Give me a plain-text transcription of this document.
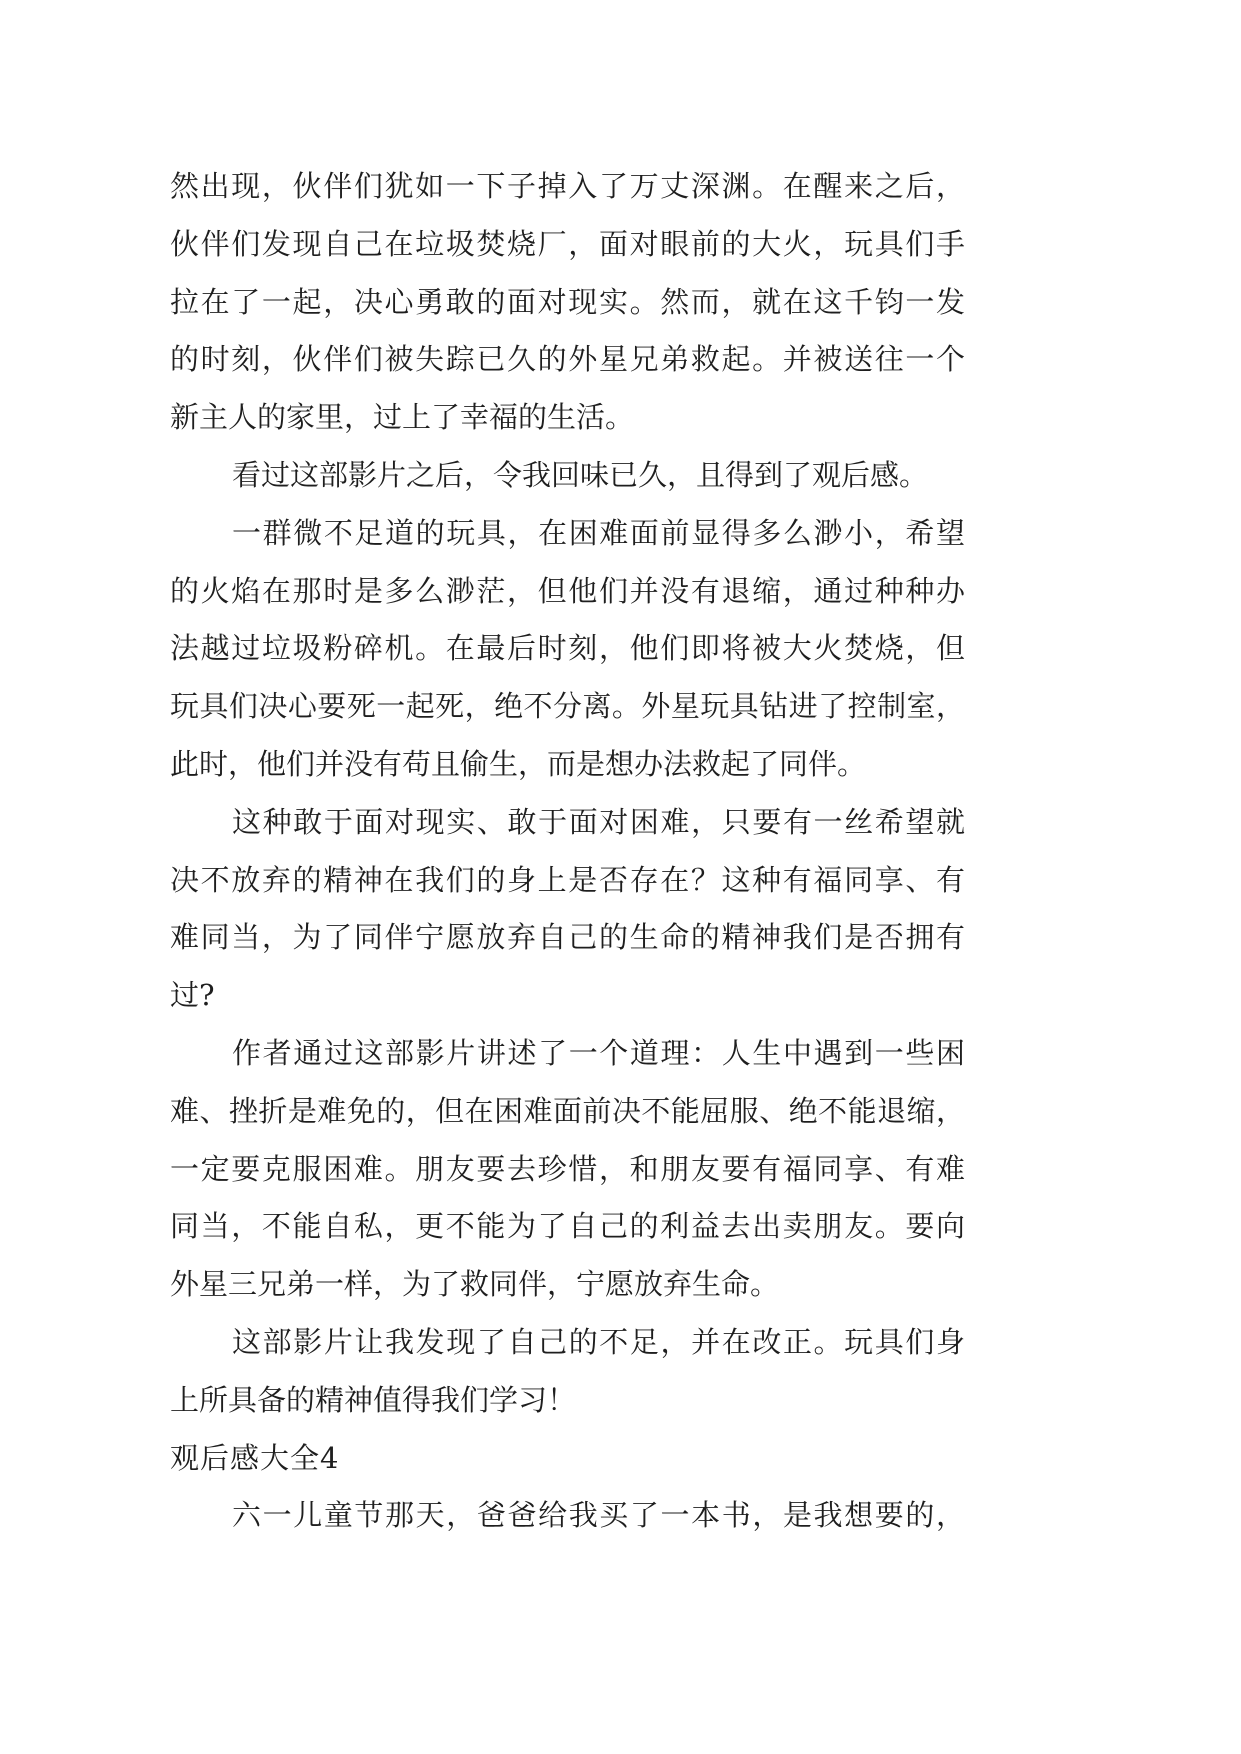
然出现，伙伴们犹如一下子掉入了万丈深渊。在醒来之后，
伙伴们发现自己在垃圾焚烧厂，面对眼前的大火，玩具们手
拉在了一起，决心勇敢的面对现实。然而，就在这千钧一发
的时刻，伙伴们被失踪已久的外星兄弟救起。并被送往一个
新主人的家里，过上了幸福的生活。
看过这部影片之后，令我回味已久，且得到了观后感。
一群微不足道的玩具，在困难面前显得多么渺小，希望
的火焰在那时是多么渺茫，但他们并没有退缩，通过种种办
法越过垃圾粉碎机。在最后时刻，他们即将被大火焚烧，但
玩具们决心要死一起死，绝不分离。外星玩具钻进了控制室，
此时，他们并没有苟且偷生，而是想办法救起了同伴。
这种敢于面对现实、敢于面对困难，只要有一丝希望就
决不放弃的精神在我们的身上是否存在？这种有福同享、有
难同当，为了同伴宁愿放弃自己的生命的精神我们是否拥有
过?
作者通过这部影片讲述了一个道理：人生中遇到一些困
难、挫折是难免的，但在困难面前决不能屈服、绝不能退缩，
一定要克服困难。朋友要去珍惜，和朋友要有福同享、有难
同当，不能自私，更不能为了自己的利益去出卖朋友。要向
外星三兄弟一样，为了救同伴，宁愿放弃生命。
这部影片让我发现了自己的不足，并在改正。玩具们身
上所具备的精神值得我们学习！
观后感大全4
六一儿童节那天，爸爸给我买了一本书，是我想要的，
